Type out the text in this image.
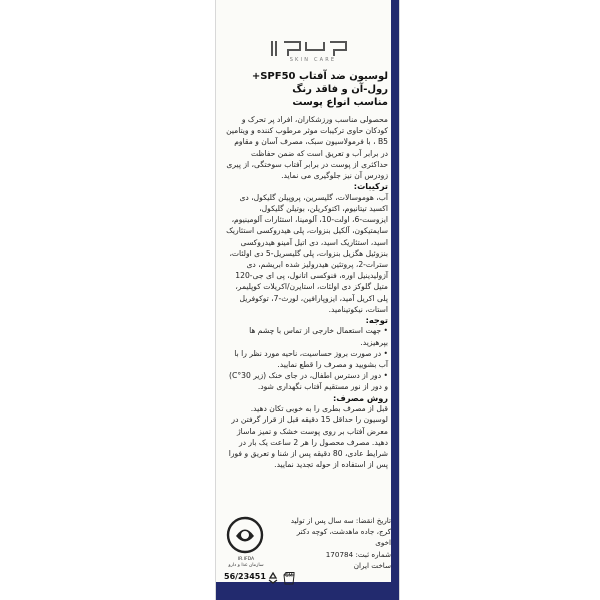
SKIN CARE

لوسیون ضد آفتاب SPF50+

رول-آن و فاقد رنگ

مناسب انواع پوست

محصولی مناسب ورزشکاران، افراد پر تحرک و کودکان حاوی ترکیبات موثر مرطوب کننده و ویتامین B5 ، با فرمولاسیون سبک، مصرف آسان و مقاوم در برابر آب و تعریق است که ضمن حفاظت حداکثری از پوست در برابر آفتاب سوختگی، از پیری زودرس آن نیز جلوگیری می نماید.

ترکیبات:

آب، هوموسالات، گلیسرین، پروپیلن گلیکول، دی اکسید تیتانیوم، اکتوکریلن، بوتیلن گلیکول، ایزوست-6، اولت-10، آلومینا، استئارات آلومینیوم، سایمتیکون، آلکیل بنزوات، پلی هیدروکسی استئاریک اسید، استئاریک اسید، دی اتیل آمینو هیدروکسی بنزوئیل هگزیل بنزوات، پلی گلیسریل-5 دی اولئات، سترات-2، پروتئین هیدرولیز شده ابریشم، دی آزولیدینیل اوره، فنوکسی اتانول، پی ای جی-120 متیل گلوکز دی اولئات، استایرن/اکریلات کوپلیمر، پلی اکریل آمید، ایزوپارافین، لورث-7، توکوفریل استات، نیکوتینامید.

توجه:

• جهت استعمال خارجی از تماس با چشم ها بپرهیزید.

• در صورت بروز حساسیت، ناحیه مورد نظر را با آب بشویید و مصرف را قطع نمایید.

• دور از دسترس اطفال، در جای خنک (زیر 30°C) و دور از نور مستقیم آفتاب نگهداری شود.

روش مصرف:

قبل از مصرف بطری را به خوبی تکان دهید. لوسیون را حداقل 15 دقیقه قبل از قرار گرفتن در معرض آفتاب بر روی پوست خشک و تمیز ماساژ دهید. مصرف محصول را هر 2 ساعت یک بار در شرایط عادی، 80 دقیقه پس از شنا و تعریق و فورا پس از استفاده از حوله تجدید نمایید.

تاریخ انقضا: سه سال پس از تولید
کرج، جاده ماهدشت، کوچه دکتر اخوی
شماره ثبت: 170784
ساخت ایران
IR.IFDA
سازمان غذا و دارو
56/23451	6M
